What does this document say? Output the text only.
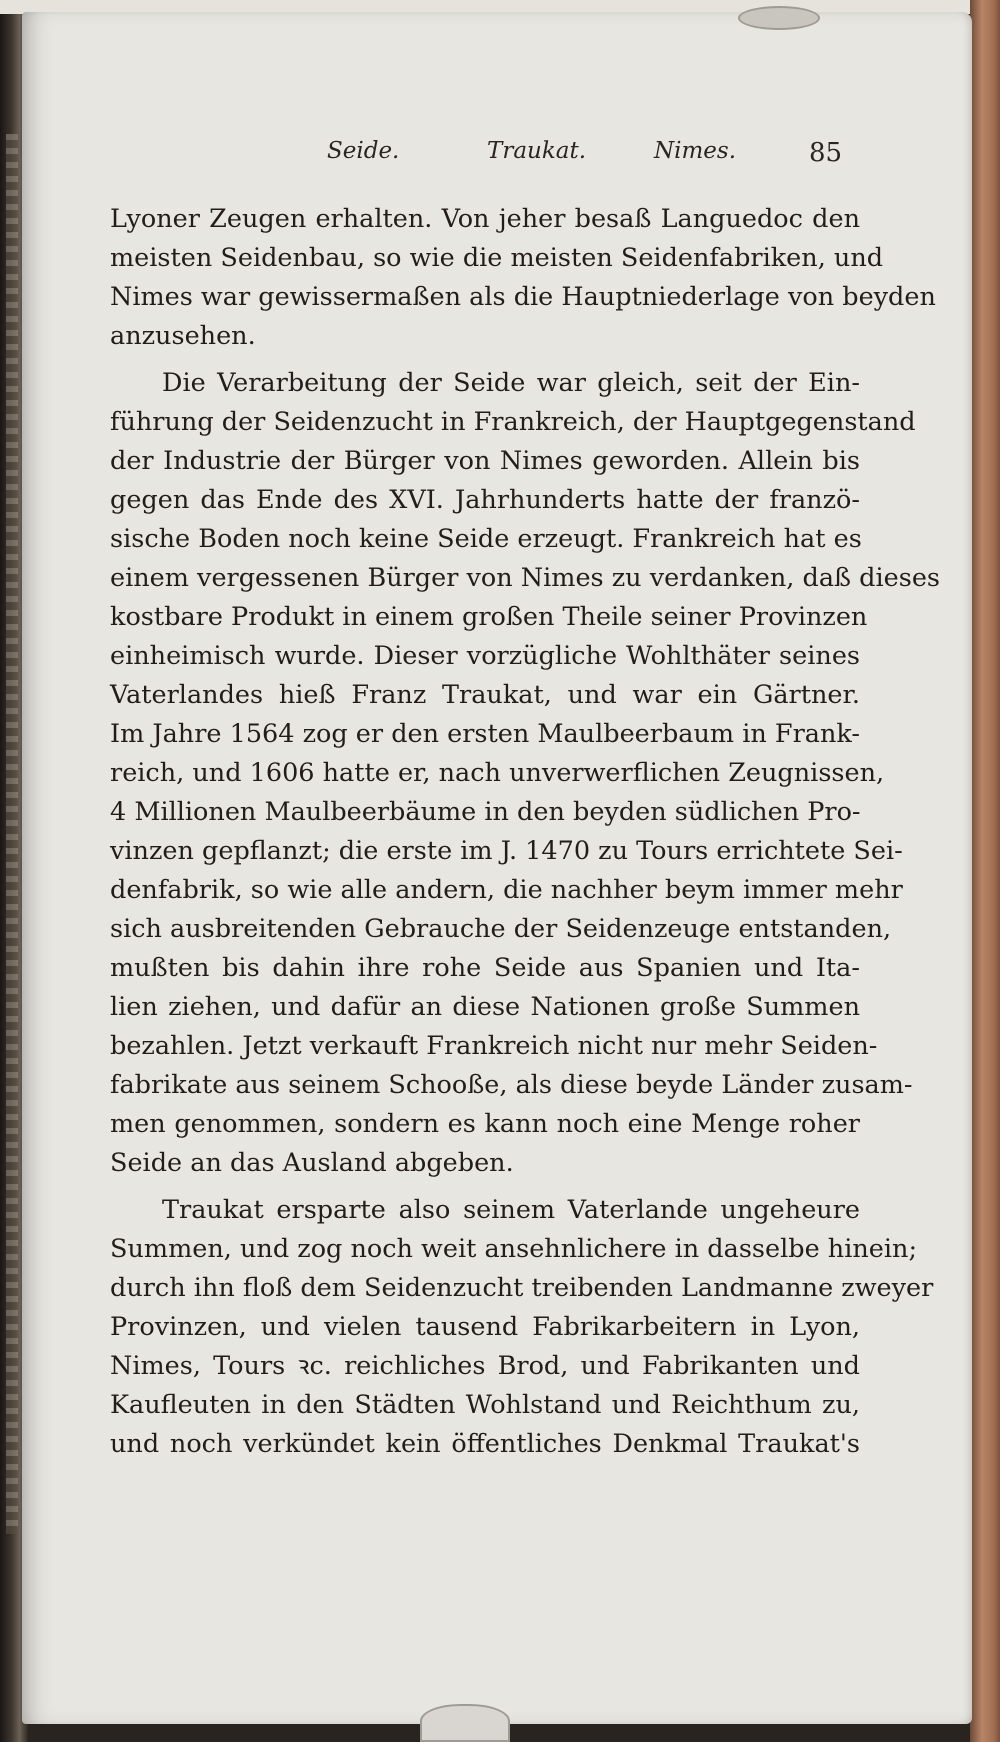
Seide.	Traukat.	Nimes.	85
Lyoner Zeugen erhalten. Von jeher besaß Languedoc den
meisten Seidenbau, so wie die meisten Seidenfabriken, und
Nimes war gewissermaßen als die Hauptniederlage von beyden
anzusehen.
Die Verarbeitung der Seide war gleich, seit der Ein-
führung der Seidenzucht in Frankreich, der Hauptgegenstand
der Industrie der Bürger von Nimes geworden. Allein bis
gegen das Ende des XVI. Jahrhunderts hatte der franzö-
sische Boden noch keine Seide erzeugt. Frankreich hat es
einem vergessenen Bürger von Nimes zu verdanken, daß dieses
kostbare Produkt in einem großen Theile seiner Provinzen
einheimisch wurde. Dieser vorzügliche Wohlthäter seines
Vaterlandes hieß Franz Traukat, und war ein Gärtner.
Im Jahre 1564 zog er den ersten Maulbeerbaum in Frank-
reich, und 1606 hatte er, nach unverwerflichen Zeugnissen,
4 Millionen Maulbeerbäume in den beyden südlichen Pro-
vinzen gepflanzt; die erste im J. 1470 zu Tours errichtete Sei-
denfabrik, so wie alle andern, die nachher beym immer mehr
sich ausbreitenden Gebrauche der Seidenzeuge entstanden,
mußten bis dahin ihre rohe Seide aus Spanien und Ita-
lien ziehen, und dafür an diese Nationen große Summen
bezahlen. Jetzt verkauft Frankreich nicht nur mehr Seiden-
fabrikate aus seinem Schooße, als diese beyde Länder zusam-
men genommen, sondern es kann noch eine Menge roher
Seide an das Ausland abgeben.
Traukat ersparte also seinem Vaterlande ungeheure
Summen, und zog noch weit ansehnlichere in dasselbe hinein;
durch ihn floß dem Seidenzucht treibenden Landmanne zweyer
Provinzen, und vielen tausend Fabrikarbeitern in Lyon,
Nimes, Tours ꝛc. reichliches Brod, und Fabrikanten und
Kaufleuten in den Städten Wohlstand und Reichthum zu,
und noch verkündet kein öffentliches Denkmal Traukat's
